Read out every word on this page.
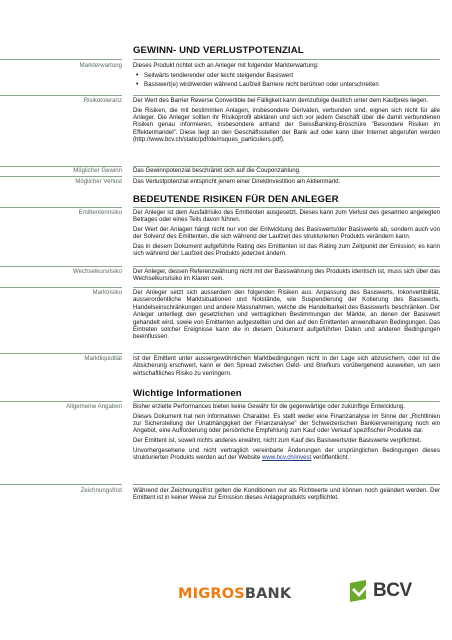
GEWINN- UND VERLUSTPOTENZIAL
Markterwartung Dieses Produkt richtet sich an Anleger mit folgender Markterwartung:

• Seitwärts tendierender oder leicht steigender Basiswert
• Basiswert(e) wird/werden während Laufzeit Barriere nicht berühren oder unterschreiten
Risikotoleranz Der Wert des Barrier Reverse Convertible bei Fälligkeit kann demzufolge deutlich unter dem Kaufpreis liegen.

Die Risiken, die mit bestimmten Anlagen, insbesondere Derivaten, verbunden sind, eignen sich nicht für alle Anleger. Die Anleger sollten ihr Risikoprofil abklären und sich vor jedem Geschäft über die damit verbundenen Risiken genau informieren, insbesondere anhand der SwissBanking-Broschüre "Besondere Risiken im Effektenhandel". Diese liegt an den Geschäftsstellen der Bank auf oder kann über Internet abgerufen werden (http://www.bcv.ch/static/pdf/de/risques_particuliers.pdf).

Möglicher Gewinn Das Gewinnpotenzial beschränkt sich auf die Couponzahlung.
Möglicher Verlust Das Verlustpotenzial entspricht jenem einer Direktinvestition am Aktienmarkt.
BEDEUTENDE RISIKEN FÜR DEN ANLEGER
Emittentenrisiko Der Anleger ist dem Ausfallrisiko des Emittenten ausgesetzt. Dieses kann zum Verlust des gesamten angelegten Betrages oder eines Teils davon führen.

Der Wert der Anlagen hängt nicht nur von der Entwicklung des Basiswerts/der Basiswerte ab, sondern auch von der Solvenz des Emittenten, die sich während der Laufzeit des strukturierten Produkts verändern kann.

Das in diesem Dokument aufgeführte Rating des Emittenten ist das Rating zum Zeitpunkt der Emission; es kann sich während der Laufzeit des Produkts jederzeit ändern.

Wechselkursrisiko Der Anleger, dessen Referenzwährung nicht mit der Basiswährung des Produkts identisch ist, muss sich über das Wechselkursrisiko im Klaren sein.
Marktrisiko Der Anleger setzt sich ausserdem den folgenden Risiken aus: Anpassung des Basiswerts, Inkonvertibilität, ausserordentliche Marktsituationen und Notstände, wie Suspendierung der Kotierung des Basiswerts, Handelseinschränkungen und andere Massnahmen, welche die Handelbarkeit des Basiswerts beschränken. Der Anleger unterliegt den gesetzlichen und vertraglichen Bestimmungen der Märkte, an denen der Basiswert gehandelt wird, sowie von Emittenten aufgestellten und den auf den Emittenten anwendbaren Bedingungen. Das Eintreten solcher Ereignisse kann die in diesem Dokument aufgeführten Daten und anderen Bedingungen beeinflussen.
Marktliquidität Ist der Emittent unter aussergewöhnlichen Marktbedingungen nicht in der Lage sich abzusichern, oder ist die Absicherung erschwert, kann er den Spread zwischen Geld- und Briefkurs vorübergehend ausweiten, um sein wirtschaftliches Risiko zu verringern.
Wichtige Informationen
Allgemeine Angaben Bisher erzielte Performances bieten keine Gewähr für die gegenwärtige oder zukünftige Entwicklung.

Dieses Dokument hat rein informativen Charakter. Es stellt weder eine Finanzanalyse im Sinne der „Richtlinien zur Sicherstellung der Unabhängigkeit der Finanzanalyse" der Schweizerischen Bankiervereinigung noch ein Angebot, eine Aufforderung oder persönliche Empfehlung zum Kauf oder Verkauf spezifischer Produkte dar.

Der Emittent ist, soweit nichts anderes erwähnt, nicht zum Kauf des Basiswerts/der Basiswerte verpflichtet.

Unvorhergesehene und nicht vertraglich vereinbarte Änderungen der ursprünglichen Bedingungen dieses strukturierten Produkts werden auf der Website www.bcv.ch/invest veröffentlicht.

Zeichnungsfrist Während der Zeichnungsfrist gelten die Konditionen nur als Richtwerte und können noch geändert werden. Der Emittent ist in keiner Weise zur Emission dieses Anlageprodukts verpflichtet.
MIGROSBANK	BCV
